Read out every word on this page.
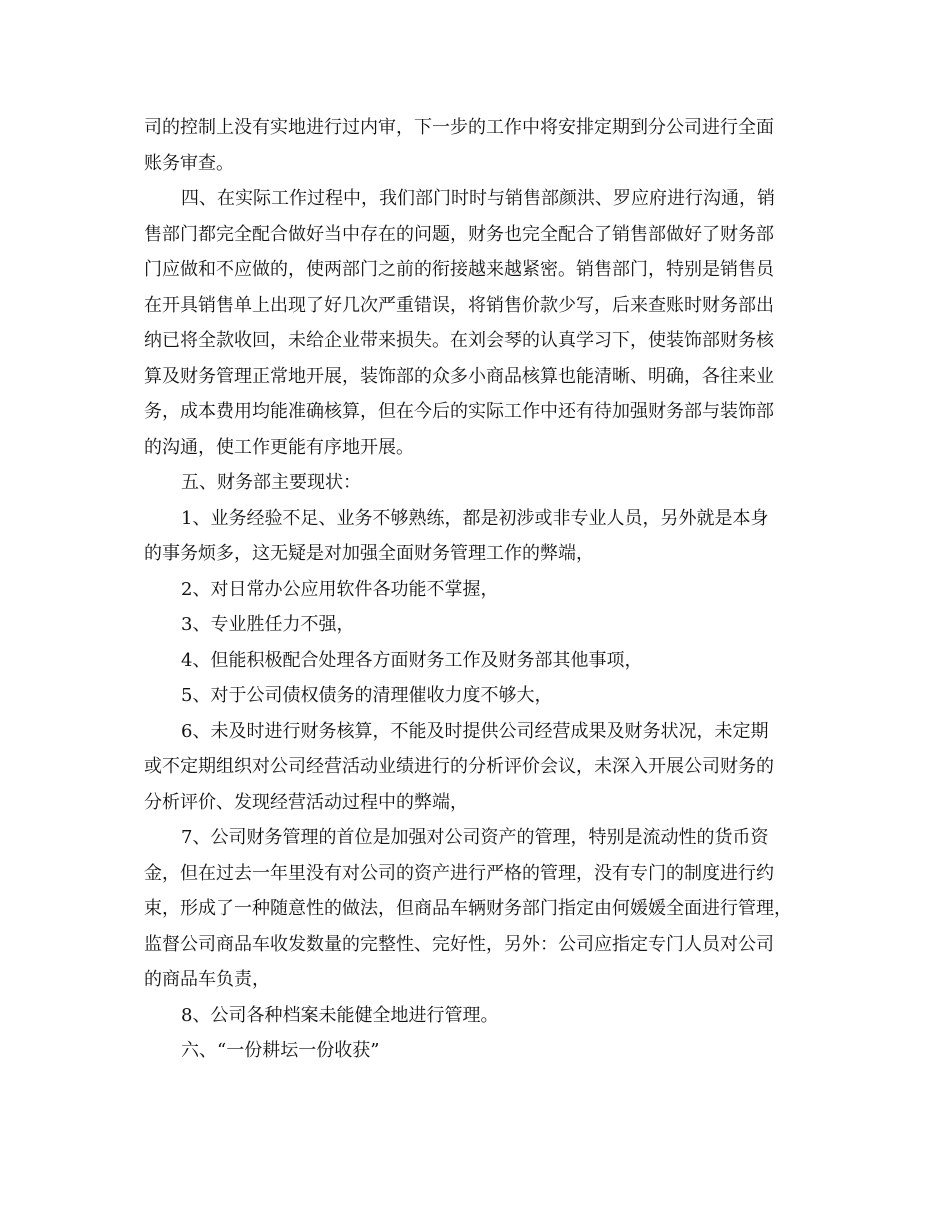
司的控制上没有实地进行过内审，下一步的工作中将安排定期到分公司进行全面
账务审查。
四、在实际工作过程中，我们部门时时与销售部颜洪、罗应府进行沟通，销
售部门都完全配合做好当中存在的问题，财务也完全配合了销售部做好了财务部
门应做和不应做的，使两部门之前的衔接越来越紧密。销售部门，特别是销售员
在开具销售单上出现了好几次严重错误，将销售价款少写，后来查账时财务部出
纳已将全款收回，未给企业带来损失。在刘会琴的认真学习下，使装饰部财务核
算及财务管理正常地开展，装饰部的众多小商品核算也能清晰、明确，各往来业
务，成本费用均能准确核算，但在今后的实际工作中还有待加强财务部与装饰部
的沟通，使工作更能有序地开展。
五、财务部主要现状：
1、业务经验不足、业务不够熟练，都是初涉或非专业人员，另外就是本身
的事务烦多，这无疑是对加强全面财务管理工作的弊端，
2、对日常办公应用软件各功能不掌握，
3、专业胜任力不强，
4、但能积极配合处理各方面财务工作及财务部其他事项，
5、对于公司债权债务的清理催收力度不够大，
6、未及时进行财务核算，不能及时提供公司经营成果及财务状况，未定期
或不定期组织对公司经营活动业绩进行的分析评价会议，未深入开展公司财务的
分析评价、发现经营活动过程中的弊端，
7、公司财务管理的首位是加强对公司资产的管理，特别是流动性的货币资
金，但在过去一年里没有对公司的资产进行严格的管理，没有专门的制度进行约
束，形成了一种随意性的做法，但商品车辆财务部门指定由何媛媛全面进行管理，
监督公司商品车收发数量的完整性、完好性，另外：公司应指定专门人员对公司
的商品车负责，
8、公司各种档案未能健全地进行管理。
六、“一份耕坛一份收获”
